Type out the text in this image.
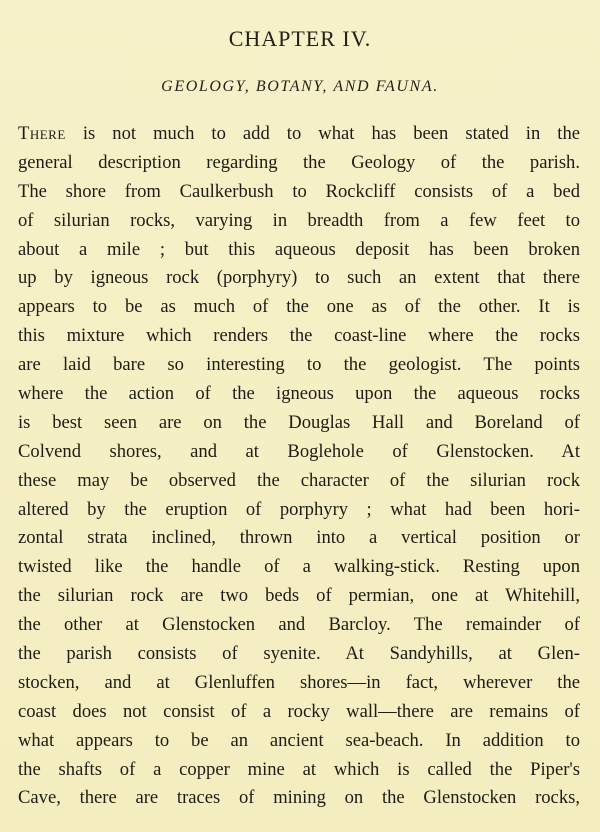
CHAPTER IV.
GEOLOGY, BOTANY, AND FAUNA.
There is not much to add to what has been stated in the
general description regarding the Geology of the parish.
The shore from Caulkerbush to Rockcliff consists of a bed
of silurian rocks, varying in breadth from a few feet to
about a mile ; but this aqueous deposit has been broken
up by igneous rock (porphyry) to such an extent that there
appears to be as much of the one as of the other. It is
this mixture which renders the coast-line where the rocks
are laid bare so interesting to the geologist. The points
where the action of the igneous upon the aqueous rocks
is best seen are on the Douglas Hall and Boreland of
Colvend shores, and at Boglehole of Glenstocken. At
these may be observed the character of the silurian rock
altered by the eruption of porphyry ; what had been hori-
zontal strata inclined, thrown into a vertical position or
twisted like the handle of a walking-stick. Resting upon
the silurian rock are two beds of permian, one at Whitehill,
the other at Glenstocken and Barcloy. The remainder of
the parish consists of syenite. At Sandyhills, at Glen-
stocken, and at Glenluffen shores—in fact, wherever the
coast does not consist of a rocky wall—there are remains of
what appears to be an ancient sea-beach. In addition to
the shafts of a copper mine at which is called the Piper's
Cave, there are traces of mining on the Glenstocken rocks,
